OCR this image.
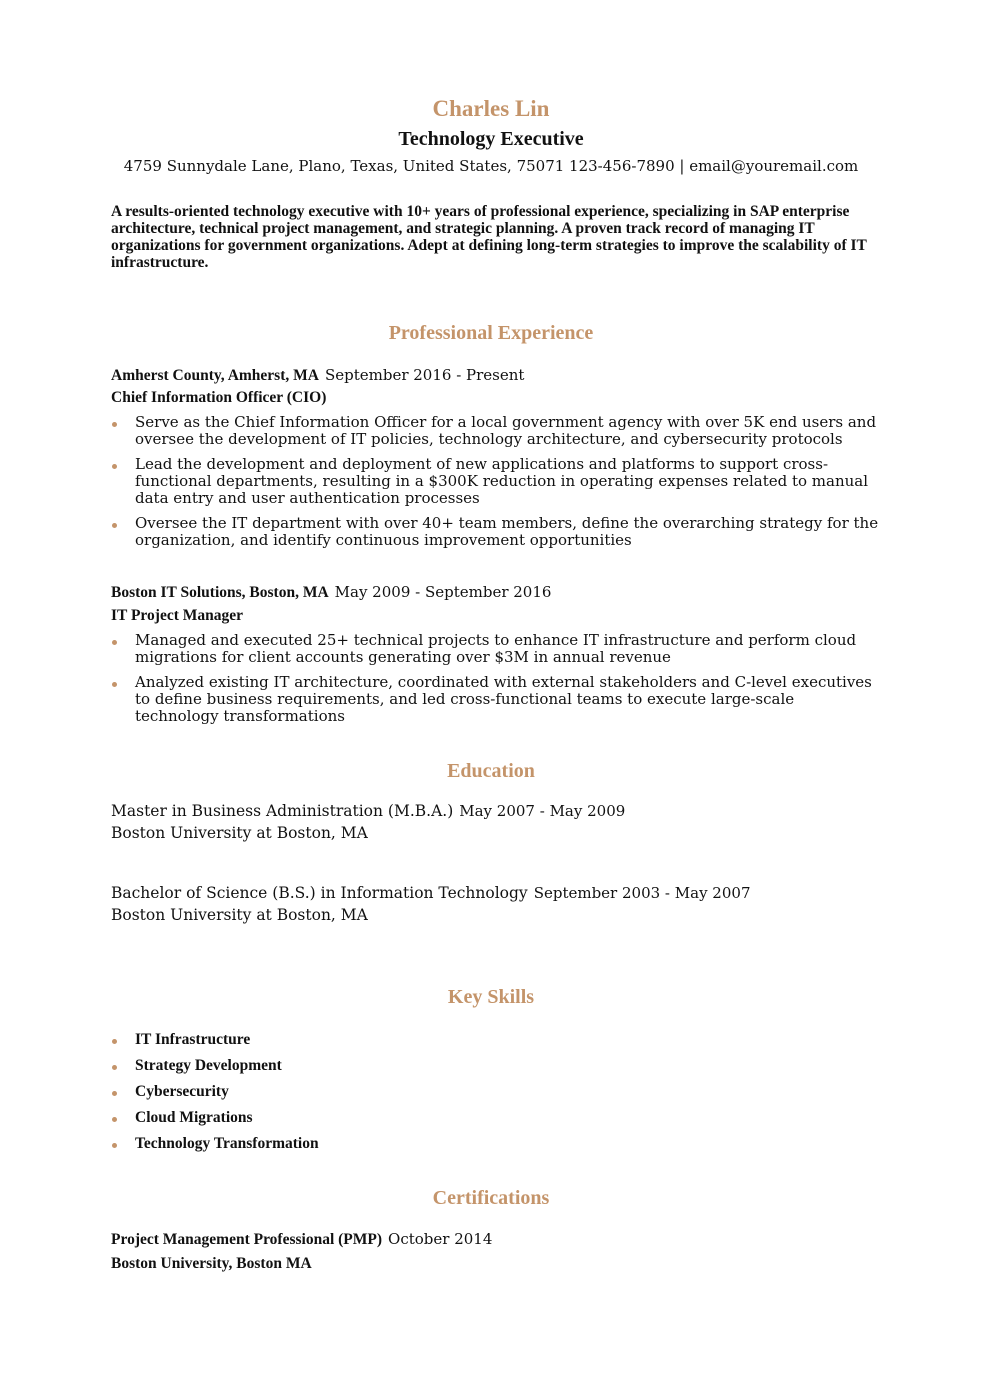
Charles Lin
Technology Executive
4759 Sunnydale Lane, Plano, Texas, United States, 75071 123-456-7890 | email@youremail.com
A results-oriented technology executive with 10+ years of professional experience, specializing in SAP enterprise architecture, technical project management, and strategic planning. A proven track record of managing IT organizations for government organizations. Adept at defining long-term strategies to improve the scalability of IT infrastructure.
Professional Experience
Amherst County, Amherst, MA September 2016 - Present
Chief Information Officer (CIO)
Serve as the Chief Information Officer for a local government agency with over 5K end users and oversee the development of IT policies, technology architecture, and cybersecurity protocols
Lead the development and deployment of new applications and platforms to support cross-functional departments, resulting in a $300K reduction in operating expenses related to manual data entry and user authentication processes
Oversee the IT department with over 40+ team members, define the overarching strategy for the organization, and identify continuous improvement opportunities
Boston IT Solutions, Boston, MA May 2009 - September 2016
IT Project Manager
Managed and executed 25+ technical projects to enhance IT infrastructure and perform cloud migrations for client accounts generating over $3M in annual revenue
Analyzed existing IT architecture, coordinated with external stakeholders and C-level executives to define business requirements, and led cross-functional teams to execute large-scale technology transformations
Education
Master in Business Administration (M.B.A.) May 2007 - May 2009
Boston University at Boston, MA
Bachelor of Science (B.S.) in Information Technology September 2003 - May 2007
Boston University at Boston, MA
Key Skills
IT Infrastructure
Strategy Development
Cybersecurity
Cloud Migrations
Technology Transformation
Certifications
Project Management Professional (PMP) October 2014
Boston University, Boston MA
